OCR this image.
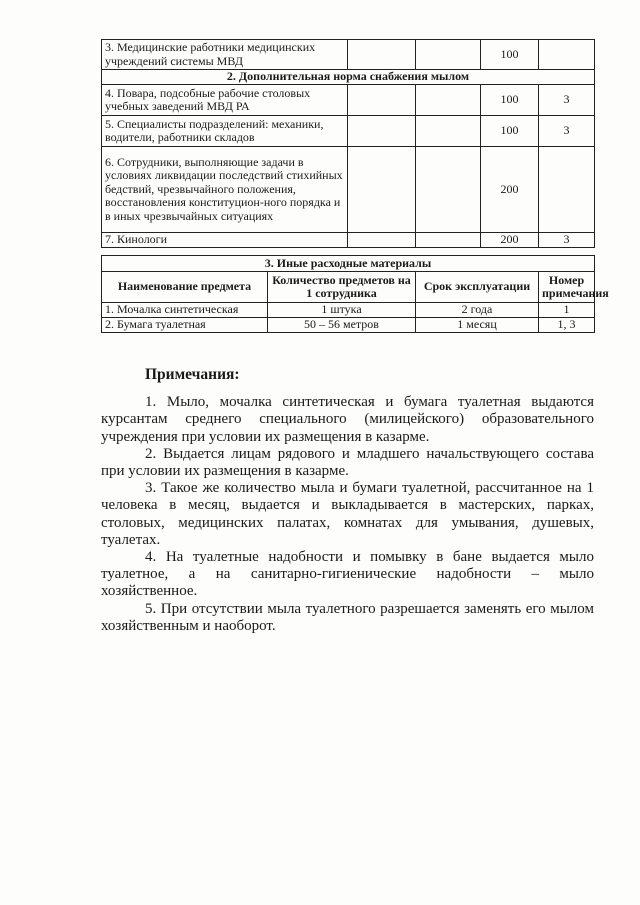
3. Медицинские работники медицинских учреждений системы МВД			100	
2. Дополнительная норма снабжения мылом				
4. Повара, подсобные рабочие столовых учебных заведений МВД РА			100	3
5. Специалисты подразделений: механики, водители, работники складов			100	3
6. Сотрудники, выполняющие задачи в условиях ликвидации последствий стихийных бедствий, чрезвычайного положения, восстановления конституцион-ного порядка и в иных чрезвычайных ситуациях			200	
7. Кинологи			200	3
3. Иные расходные материалы			
Наименование предмета	Количество предметов на 1 сотрудника	Срок эксплуатации	Номер примечания
1. Мочалка синтетическая	1 штука	2 года	1
2. Бумага туалетная	50 – 56 метров	1 месяц	1, 3

Примечания:

1. Мыло, мочалка синтетическая и бумага туалетная выдаются курсантам среднего специального (милицейского) образовательного учреждения при условии их размещения в казарме.

2. Выдается лицам рядового и младшего начальствующего состава при условии их размещения в казарме.

3. Такое же количество мыла и бумаги туалетной, рассчитанное на 1 человека в месяц, выдается и выкладывается в мастерских, парках, столовых, медицинских палатах, комнатах для умывания, душевых, туалетах.

4. На туалетные надобности и помывку в бане выдается мыло туалетное, а на санитарно-гигиенические надобности – мыло хозяйственное.

5. При отсутствии мыла туалетного разрешается заменять его мылом хозяйственным и наоборот.
